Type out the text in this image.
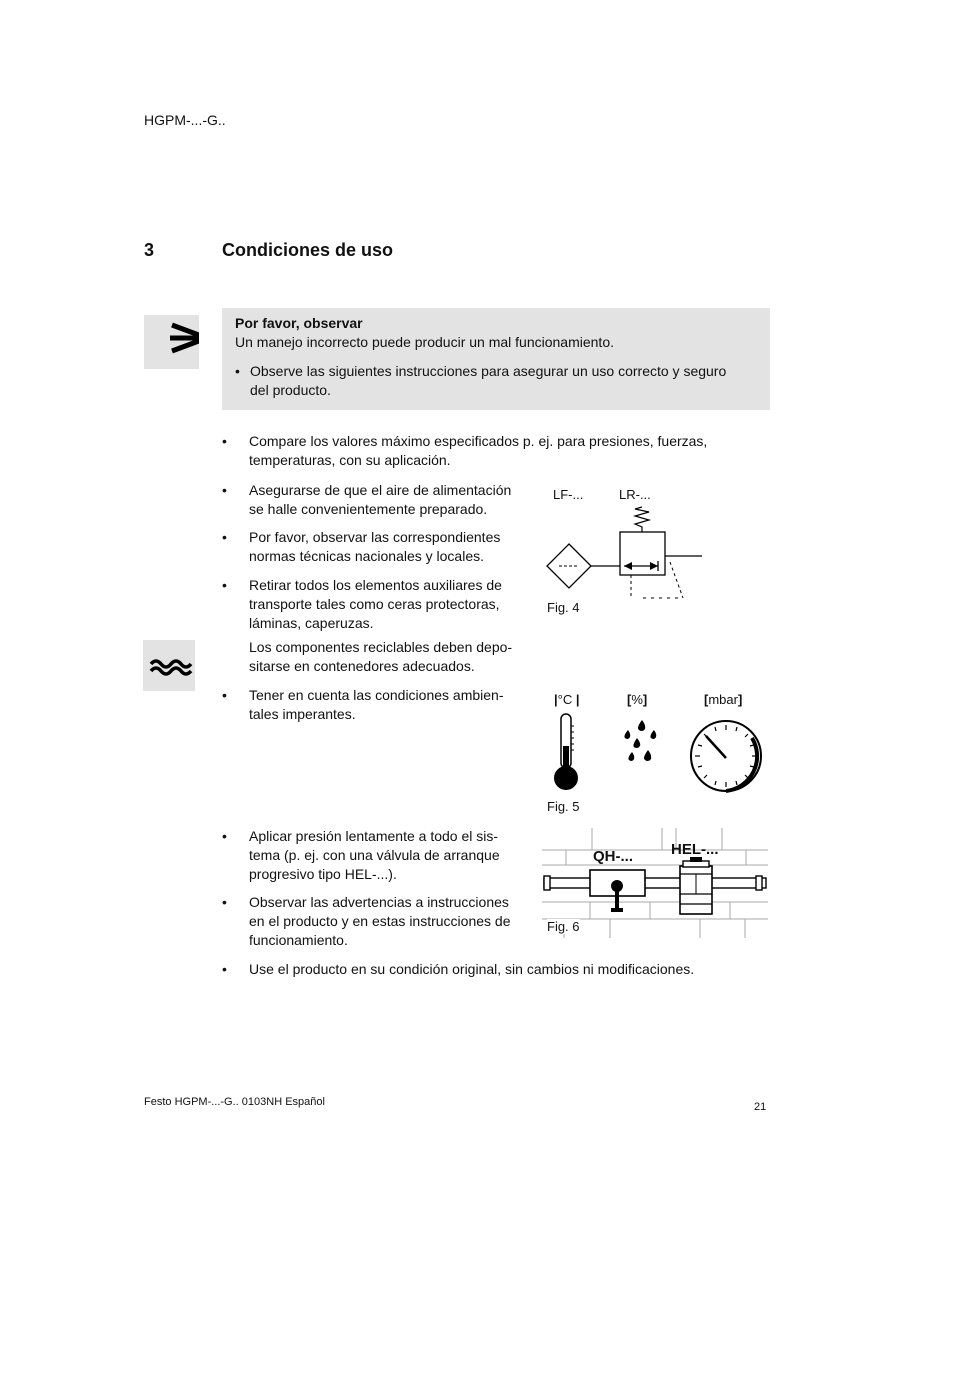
HGPM-...-G..
3	Condiciones de uso
Por favor, observar
Un manejo incorrecto puede producir un mal funcionamiento.
• Observe las siguientes instrucciones para asegurar un uso correcto y seguro
del producto.
• Compare los valores máximo especificados p. ej. para presiones, fuerzas,
temperaturas, con su aplicación.
• Asegurarse de que el aire de alimentación
se halle convenientemente preparado.
• Por favor, observar las correspondientes
normas técnicas nacionales y locales.
• Retirar todos los elementos auxiliares de
transporte tales como ceras protectoras,
láminas, caperuzas.
Los componentes reciclables deben depo-
sitarse en contenedores adecuados.
• Tener en cuenta las condiciones ambien-
tales imperantes.
• Aplicar presión lentamente a todo el sis-
tema (p. ej. con una válvula de arranque
progresivo tipo HEL-...).
• Observar las advertencias a instrucciones
en el producto y en estas instrucciones de
funcionamiento.
• Use el producto en su condición original, sin cambios ni modificaciones.
LF-...	LR-...
Fig. 4
|°C |	[%]	[mbar]
Fig. 5
QH-...	HEL-...
Fig. 6
Festo HGPM-...-G.. 0103NH Español	21
